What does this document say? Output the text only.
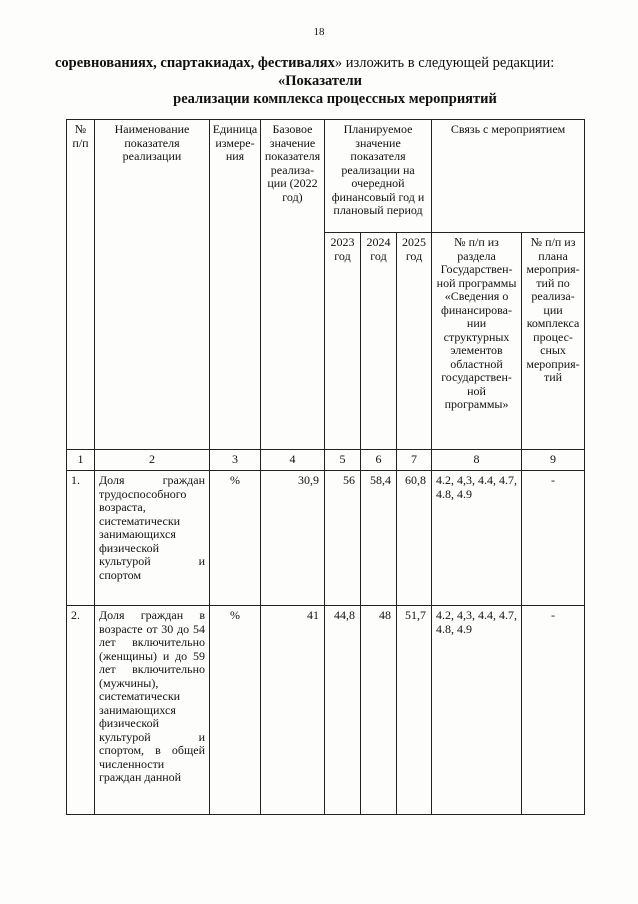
18
соревнованиях, спартакиадах, фестивалях» изложить в следующей редакции:
«Показатели
реализации комплекса процессных мероприятий
№ п/п	Наименование показателя реализации	Единица измере-ния	Базовое значение показателя реализа-ции (2022 год)	Планируемое значение показателя реализации на очередной финансовый год и плановый период			Связь с мероприятием	
				2023 год	2024 год	2025 год	№ п/п из раздела Государствен-ной программы «Сведения о финансирова-нии структурных элементов областной государствен-ной программы»	№ п/п из плана мероприя-тий по реализа-ции комплекса процес-сных мероприя-тий
1	2	3	4	5	6	7	8	9
1.	Доля граждан трудоспособного возраста, систематически занимающихся физической культурой и спортом	%	30,9	56	58,4	60,8	4.2, 4,3, 4.4, 4.7, 4.8, 4.9	-
2.	Доля граждан в возрасте от 30 до 54 лет включительно (женщины) и до 59 лет включительно (мужчины), систематически занимающихся физической культурой и спортом, в общей численности граждан данной	%	41	44,8	48	51,7	4.2, 4,3, 4.4, 4.7, 4.8, 4.9	-
